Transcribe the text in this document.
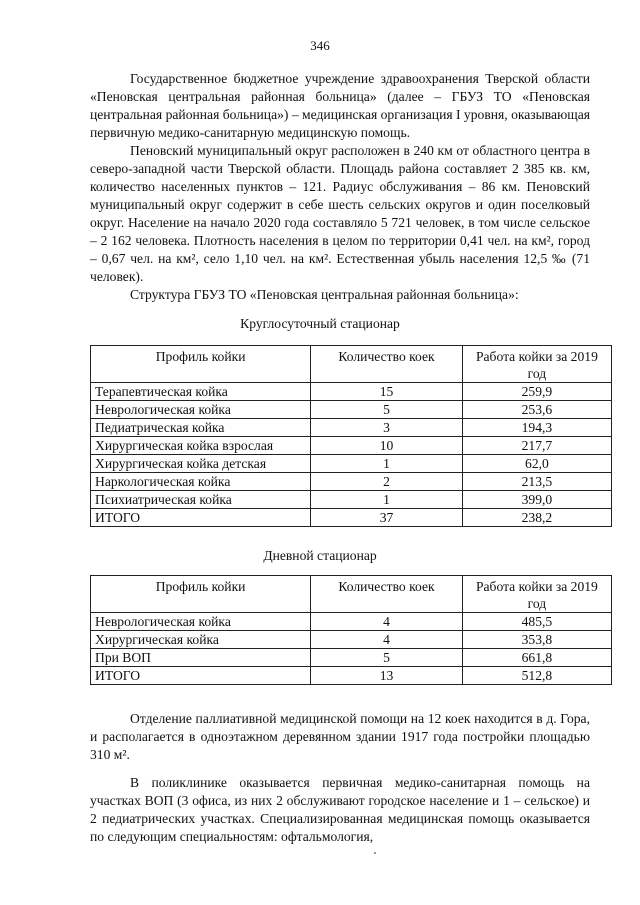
346

Государственное бюджетное учреждение здравоохранения Тверской области «Пеновская центральная районная больница» (далее – ГБУЗ ТО «Пеновская центральная районная больница») – медицинская организация I уровня, оказывающая первичную медико-санитарную медицинскую помощь.

Пеновский муниципальный округ расположен в 240 км от областного центра в северо-западной части Тверской области. Площадь района составляет 2 385 кв. км, количество населенных пунктов – 121. Радиус обслуживания – 86 км. Пеновский муниципальный округ содержит в себе шесть сельских округов и один поселковый округ. Население на начало 2020 года составляло 5 721 человек, в том числе сельское – 2 162 человека. Плотность населения в целом по территории 0,41 чел. на км², город – 0,67 чел. на км², село 1,10 чел. на км². Естественная убыль населения 12,5 ‰ (71 человек).

Структура ГБУЗ ТО «Пеновская центральная районная больница»:

Круглосуточный стационар
Профиль койки	Количество коек	Работа койки за 2019 год
Терапевтическая койка	15	259,9
Неврологическая койка	5	253,6
Педиатрическая койка	3	194,3
Хирургическая койка взрослая	10	217,7
Хирургическая койка детская	1	62,0
Наркологическая койка	2	213,5
Психиатрическая койка	1	399,0
ИТОГО	37	238,2
Дневной стационар
Профиль койки	Количество коек	Работа койки за 2019 год
Неврологическая койка	4	485,5
Хирургическая койка	4	353,8
При ВОП	5	661,8
ИТОГО	13	512,8

Отделение паллиативной медицинской помощи на 12 коек находится в д. Гора, и располагается в одноэтажном деревянном здании 1917 года постройки площадью 310 м².

В поликлинике оказывается первичная медико-санитарная помощь на участках ВОП (3 офиса, из них 2 обслуживают городское население и 1 – сельское) и 2 педиатрических участках. Специализированная медицинская помощь оказывается по следующим специальностям: офтальмология,
